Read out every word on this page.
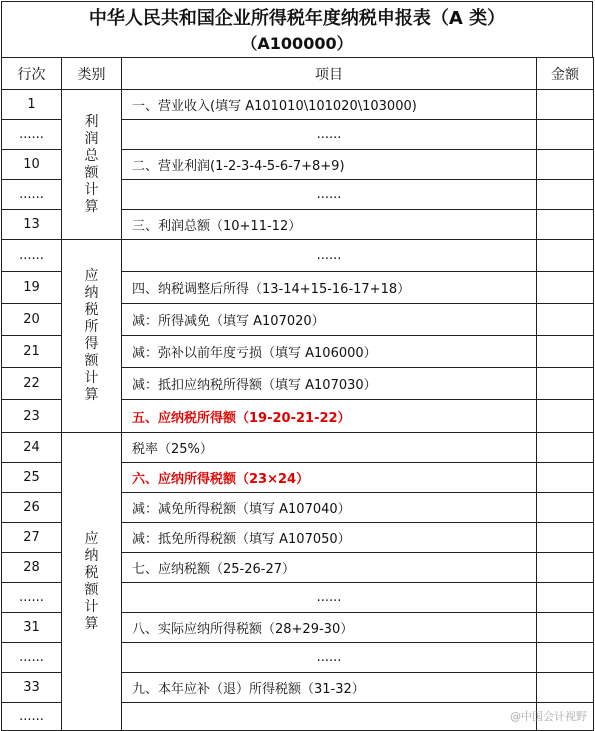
中华人民共和国企业所得税年度纳税申报表（A 类）
（A100000）
行次	类别	项目	金额
1	利润总额计算	一、营业收入(填写 A101010\101020\103000)	
......		......	
10		二、营业利润(1-2-3-4-5-6-7+8+9)	
......		......	
13		三、利润总额（10+11-12）	
......	应纳税所得额计算	......	
19		四、纳税调整后所得（13-14+15-16-17+18）	
20		减：所得减免（填写 A107020）	
21		减：弥补以前年度亏损（填写 A106000）	
22		减：抵扣应纳税所得额（填写 A107030）	
23		五、应纳税所得额（19-20-21-22）	
24	应纳税额计算	税率（25%）	
25		六、应纳所得税额（23×24）	
26		减：减免所得税额（填写 A107040）	
27		减：抵免所得税额（填写 A107050）	
28		七、应纳税额（25-26-27）	
......		......	
31		八、实际应纳所得税额（28+29-30）	
......		......	
33		九、本年应补（退）所得税额（31-32）	
......				@中国会计视野
